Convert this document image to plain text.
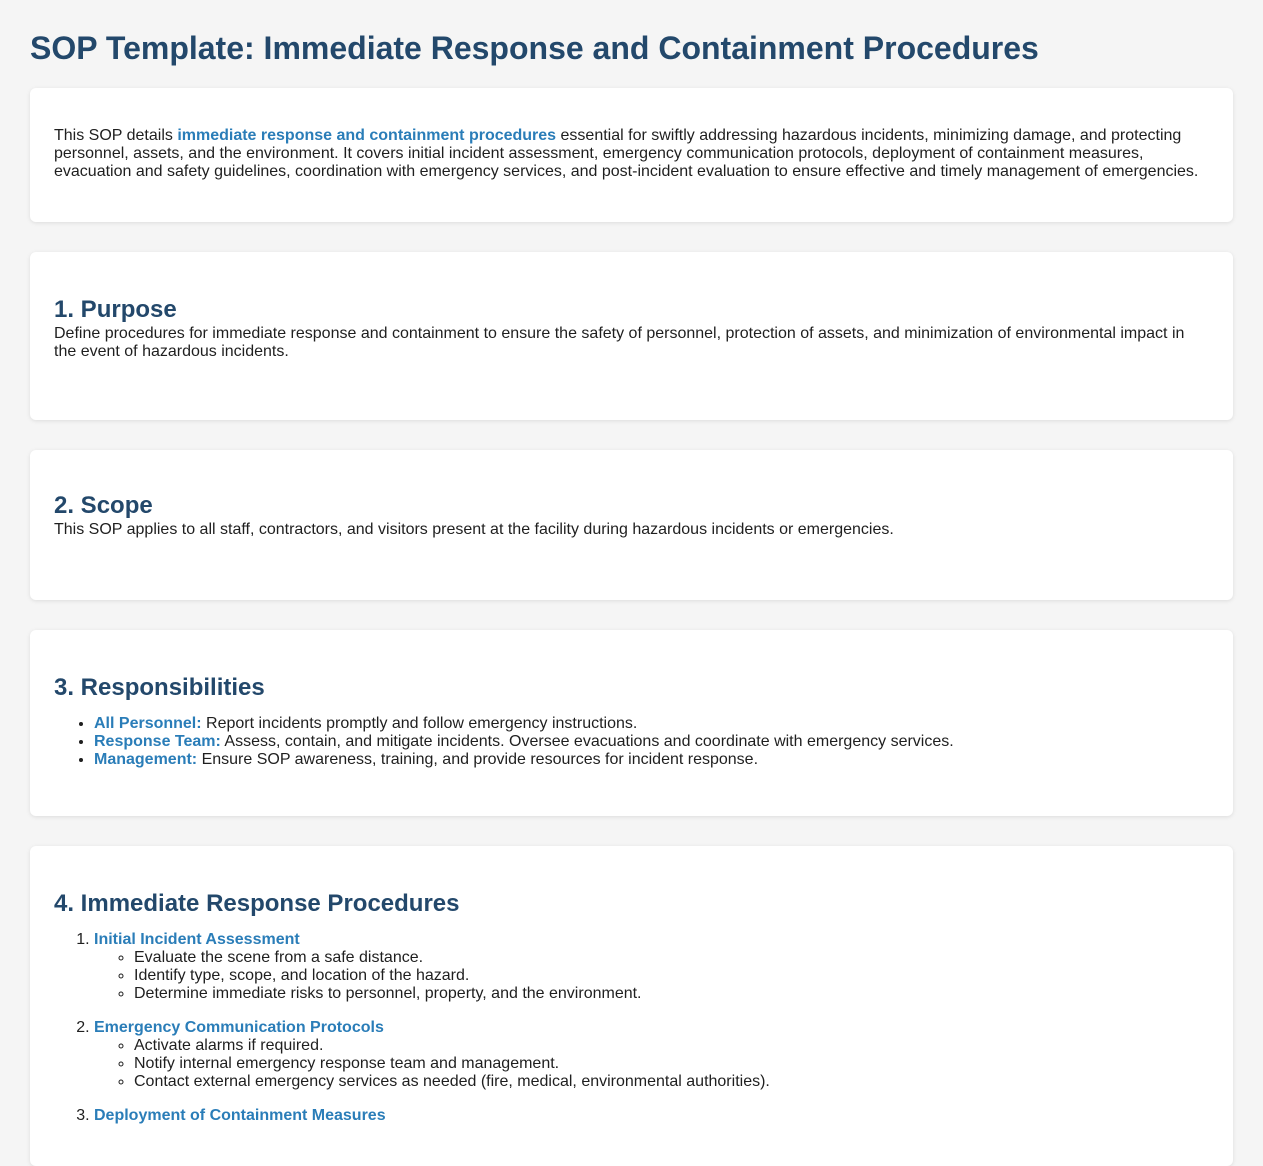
SOP Template: Immediate Response and Containment Procedures

This SOP details immediate response and containment procedures essential for swiftly addressing hazardous incidents, minimizing damage, and protecting personnel, assets, and the environment. It covers initial incident assessment, emergency communication protocols, deployment of containment measures, evacuation and safety guidelines, coordination with emergency services, and post-incident evaluation to ensure effective and timely management of emergencies.

1. Purpose

Define procedures for immediate response and containment to ensure the safety of personnel, protection of assets, and minimization of environmental impact in the event of hazardous incidents.

2. Scope

This SOP applies to all staff, contractors, and visitors present at the facility during hazardous incidents or emergencies.

3. Responsibilities
• All Personnel: Report incidents promptly and follow emergency instructions.
• Response Team: Assess, contain, and mitigate incidents. Oversee evacuations and coordinate with emergency services.
• Management: Ensure SOP awareness, training, and provide resources for incident response.
4. Immediate Response Procedures
1. Initial Incident Assessment
◦ Evaluate the scene from a safe distance.
◦ Identify type, scope, and location of the hazard.
◦ Determine immediate risks to personnel, property, and the environment.
2. Emergency Communication Protocols
◦ Activate alarms if required.
◦ Notify internal emergency response team and management.
◦ Contact external emergency services as needed (fire, medical, environmental authorities).
3. Deployment of Containment Measures
